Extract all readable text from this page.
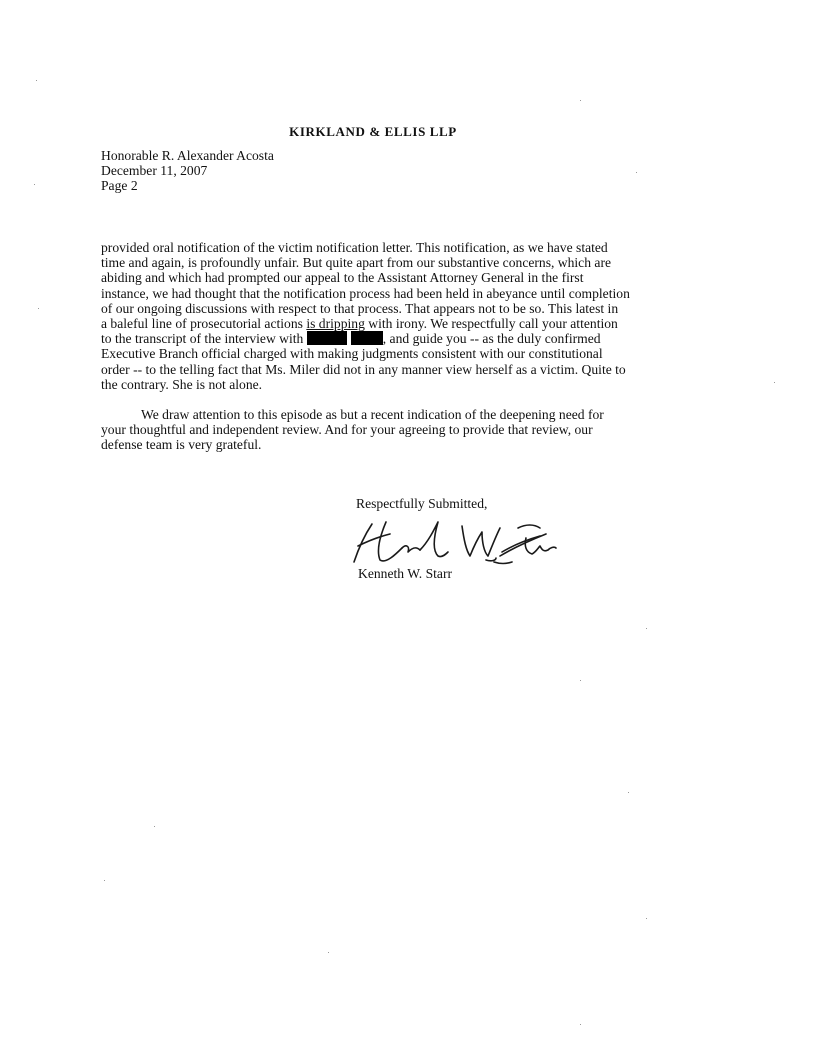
KIRKLAND & ELLIS LLP
Honorable R. Alexander Acosta
December 11, 2007
Page 2

provided oral notification of the victim notification letter. This notification, as we have stated
time and again, is profoundly unfair. But quite apart from our substantive concerns, which are
abiding and which had prompted our appeal to the Assistant Attorney General in the first
instance, we had thought that the notification process had been held in abeyance until completion
of our ongoing discussions with respect to that process. That appears not to be so. This latest in
a baleful line of prosecutorial actions is dripping with irony. We respectfully call your attention
to the transcript of the interview with	, and guide you -- as the duly confirmed
Executive Branch official charged with making judgments consistent with our constitutional
order -- to the telling fact that Ms. Miler did not in any manner view herself as a victim. Quite to
the contrary. She is not alone.

We draw attention to this episode as but a recent indication of the deepening need for
your thoughtful and independent review. And for your agreeing to provide that review, our
defense team is very grateful.

Respectfully Submitted,
Kenneth W. Starr
